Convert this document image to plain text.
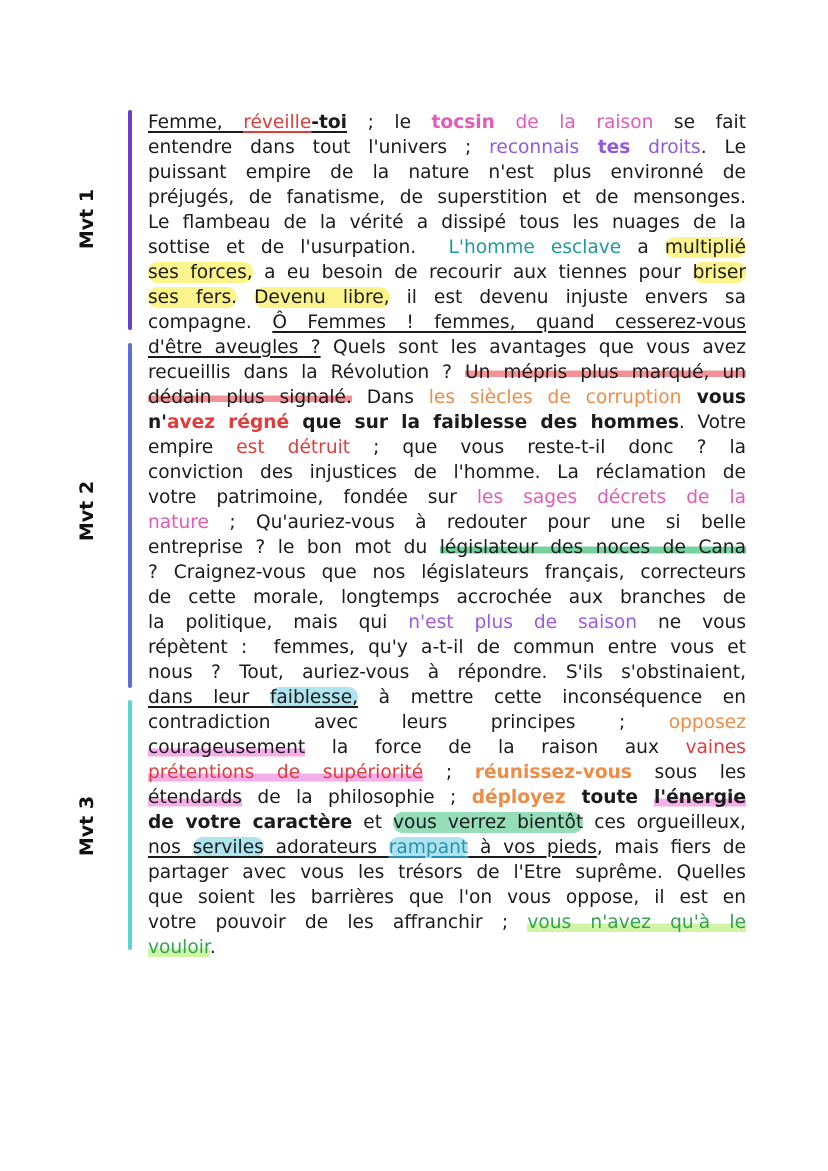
Mvt 1
Mvt 2
Mvt 3
Femme, réveille-toi ; le tocsin de la raison se fait
entendre dans tout l'univers ; reconnais tes droits. Le
puissant empire de la nature n'est plus environné de
préjugés, de fanatisme, de superstition et de mensonges.
Le flambeau de la vérité a dissipé tous les nuages de la
sottise et de l'usurpation.  L'homme esclave a multiplié
ses forces, a eu besoin de recourir aux tiennes pour briser
ses fers. Devenu libre, il est devenu injuste envers sa
compagne. Ô Femmes ! femmes, quand cesserez-vous
d'être aveugles ? Quels sont les avantages que vous avez
recueillis dans la Révolution ? Un mépris plus marqué, un
dédain plus signalé. Dans les siècles de corruption vous
n'avez régné que sur la faiblesse des hommes. Votre
empire est détruit ; que vous reste-t-il donc ? la
conviction des injustices de l'homme. La réclamation de
votre patrimoine, fondée sur les sages décrets de la
nature ; Qu'auriez-vous à redouter pour une si belle
entreprise ? le bon mot du législateur des noces de Cana
? Craignez-vous que nos législateurs français, correcteurs
de cette morale, longtemps accrochée aux branches de
la politique, mais qui n'est plus de saison ne vous
répètent :  femmes, qu'y a-t-il de commun entre vous et
nous ? Tout, auriez-vous à répondre. S'ils s'obstinaient,
dans leur faiblesse, à mettre cette inconséquence en
contradiction avec leurs principes ; opposez
courageusement la force de la raison aux vaines
prétentions de supériorité ; réunissez-vous sous les
étendards de la philosophie ; déployez toute l'énergie
de votre caractère et vous verrez bientôt ces orgueilleux,
nos serviles adorateurs rampant à vos pieds, mais fiers de
partager avec vous les trésors de l'Etre suprême. Quelles
que soient les barrières que l'on vous oppose, il est en
votre pouvoir de les affranchir ; vous n'avez qu'à le
vouloir.
